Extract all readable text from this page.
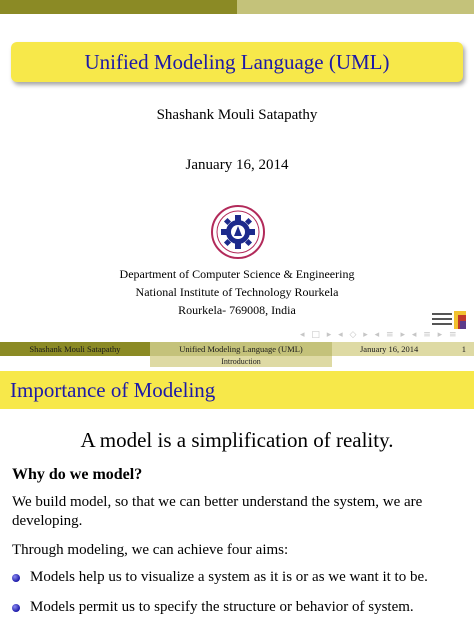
Unified Modeling Language (UML)
Shashank Mouli Satapathy
January 16, 2014
Department of Computer Science & Engineering
National Institute of Technology Rourkela
Rourkela- 769008, India
◂ □ ▸ ◂ ◇ ▸ ◂ ≡ ▸ ◂ ≡ ▸ ≡
Shashank Mouli Satapathy	Unified Modeling Language (UML)	January 16, 2014	1
Introduction
Importance of Modeling
A model is a simplification of reality.
Why do we model?
We build model, so that we can better understand the system, we are developing.
Through modeling, we can achieve four aims:
Models help us to visualize a system as it is or as we want it to be.
Models permit us to specify the structure or behavior of system.
